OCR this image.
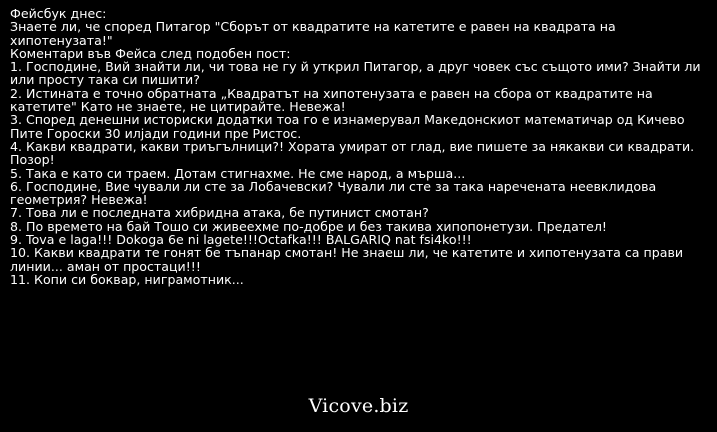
Фейсбук днес:
Знаете ли, че според Питагор "Сборът от квадратите на катетите е равен на квадрата на хипотенузата!"
Коментари във Фейса след подобен пост:
1. Господине, Вий знайти ли, чи това не гу й уткрил Питагор, а друг човек със същото ими? Знайти ли или просту така си пишити?
2. Истината е точно обратната „Квадратът на хипотенузата е равен на сбора от квадратите на катетите" Като не знаете, не цитирайте. Невежа!
3. Според денешни историски додатки тоа го е изнамерувал Македонскиот математичар од Кичево Пите Гороски 30 илјади години пре Ристос.
4. Какви квадрати, какви триъгълници?! Хората умират от глад, вие пишете за някакви си квадрати. Позор!
5. Така е като си траем. Дотам стигнахме. Не сме народ, а мърша...
6. Господине, Вие чували ли сте за Лобачевски? Чували ли сте за така наречената неевклидова геометрия? Невежа!
7. Това ли е последната хибридна атака, бе путинист смотан?
8. По времето на бай Тошо си живеехме по-добре и без такива хипопонетузи. Предател!
9. Tova e laga!!! Dokoga 6e ni lagete!!!Octafka!!! BALGARIQ nat fsi4ko!!!
10. Какви квадрати те гонят бе тъпанар смотан! Не знаеш ли, че катетите и хипотенузата са прави линии... аман от простаци!!!
11. Копи си боквар, нигрaмотник...
Vicove.biz
